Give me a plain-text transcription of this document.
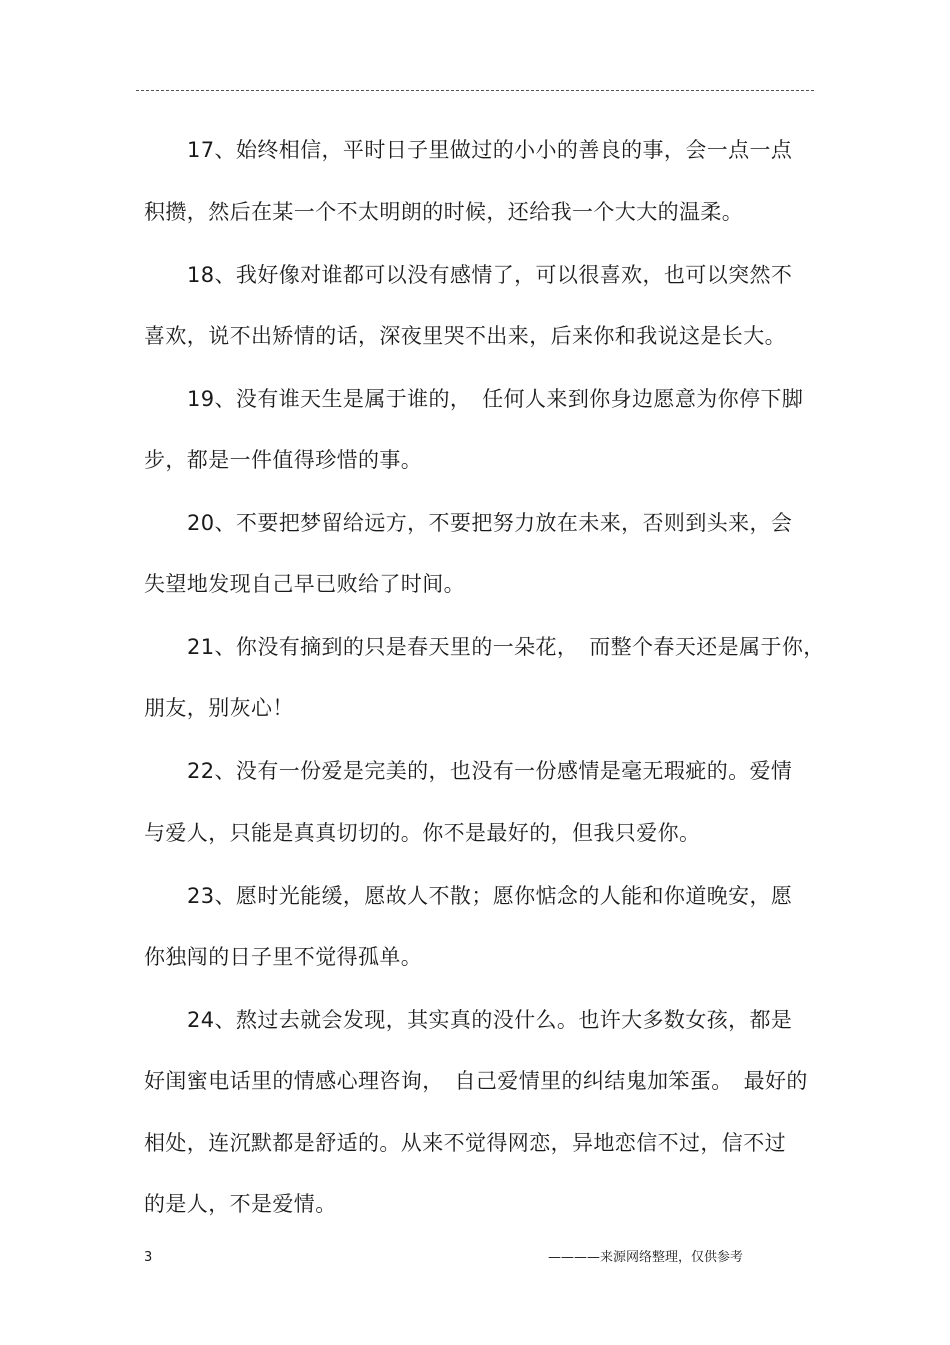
17、始终相信，平时日子里做过的小小的善良的事，会一点一点
积攒，然后在某一个不太明朗的时候，还给我一个大大的温柔。
18、我好像对谁都可以没有感情了，可以很喜欢，也可以突然不
喜欢，说不出矫情的话，深夜里哭不出来，后来你和我说这是长大。
19、没有谁天生是属于谁的，　任何人来到你身边愿意为你停下脚
步，都是一件值得珍惜的事。
20、不要把梦留给远方，不要把努力放在未来，否则到头来，会
失望地发现自己早已败给了时间。
21、你没有摘到的只是春天里的一朵花，　而整个春天还是属于你，
朋友，别灰心！
22、没有一份爱是完美的，也没有一份感情是毫无瑕疵的。爱情
与爱人，只能是真真切切的。你不是最好的，但我只爱你。
23、愿时光能缓，愿故人不散；愿你惦念的人能和你道晚安，愿
你独闯的日子里不觉得孤单。
24、熬过去就会发现，其实真的没什么。也许大多数女孩，都是
好闺蜜电话里的情感心理咨询，　自己爱情里的纠结鬼加笨蛋。　最好的
相处，连沉默都是舒适的。从来不觉得网恋，异地恋信不过，信不过
的是人，不是爱情。
3	————来源网络整理，仅供参考
